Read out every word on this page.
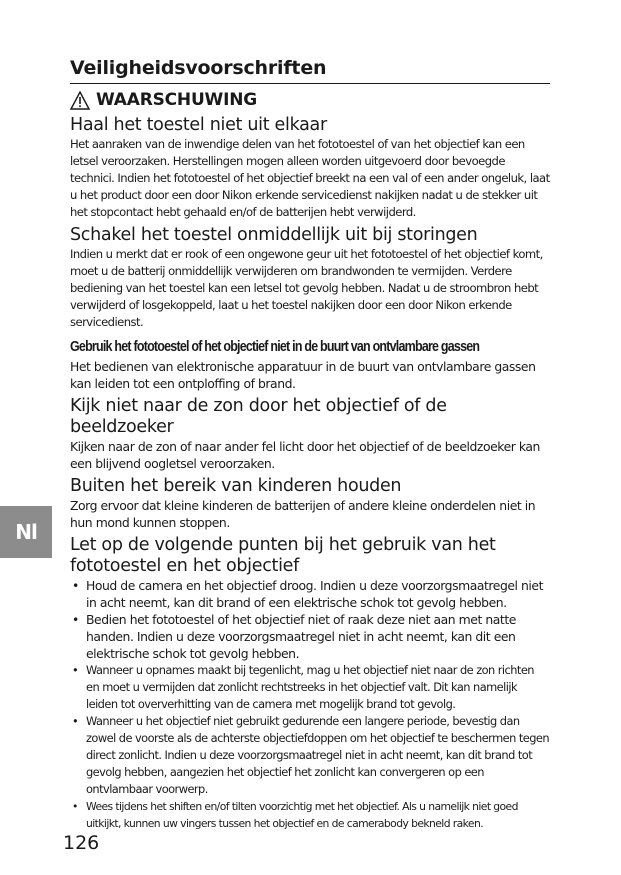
Veiligheidsvoorschriften
WAARSCHUWING
Nl
Haal het toestel niet uit elkaar

Het aanraken van de inwendige delen van het fototoestel of van het objectief kan een letsel veroorzaken. Herstellingen mogen alleen worden uitgevoerd door bevoegde technici. Indien het fototoestel of het objectief breekt na een val of een ander ongeluk, laat u het product door een door Nikon erkende servicedienst nakijken nadat u de stekker uit het stopcontact hebt gehaald en/of de batterijen hebt verwijderd.

Schakel het toestel onmiddellijk uit bij storingen

Indien u merkt dat er rook of een ongewone geur uit het fototoestel of het objectief komt, moet u de batterij onmiddellijk verwijderen om brandwonden te vermijden. Verdere bediening van het toestel kan een letsel tot gevolg hebben. Nadat u de stroombron hebt verwijderd of losgekoppeld, laat u het toestel nakijken door een door Nikon erkende servicedienst.

Gebruik het fototoestel of het objectief niet in de buurt van ontvlambare gassen

Het bedienen van elektronische apparatuur in de buurt van ontvlambare gassen kan leiden tot een ontploffing of brand.

Kijk niet naar de zon door het objectief of de beeldzoeker

Kijken naar de zon of naar ander fel licht door het objectief of de beeldzoeker kan een blijvend oogletsel veroorzaken.

Buiten het bereik van kinderen houden

Zorg ervoor dat kleine kinderen de batterijen of andere kleine onderdelen niet in hun mond kunnen stoppen.

Let op de volgende punten bij het gebruik van het fototoestel en het objectief
• Houd de camera en het objectief droog. Indien u deze voorzorgsmaatregel niet in acht neemt, kan dit brand of een elektrische schok tot gevolg hebben.
• Bedien het fototoestel of het objectief niet of raak deze niet aan met natte handen. Indien u deze voorzorgsmaatregel niet in acht neemt, kan dit een elektrische schok tot gevolg hebben.
• Wanneer u opnames maakt bij tegenlicht, mag u het objectief niet naar de zon richten en moet u vermijden dat zonlicht rechtstreeks in het objectief valt. Dit kan namelijk leiden tot oververhitting van de camera met mogelijk brand tot gevolg.
• Wanneer u het objectief niet gebruikt gedurende een langere periode, bevestig dan zowel de voorste als de achterste objectiefdoppen om het objectief te beschermen tegen direct zonlicht. Indien u deze voorzorgsmaatregel niet in acht neemt, kan dit brand tot gevolg hebben, aangezien het objectief het zonlicht kan convergeren op een ontvlambaar voorwerp.
• Wees tijdens het shiften en/of tilten voorzichtig met het objectief. Als u namelijk niet goed uitkijkt, kunnen uw vingers tussen het objectief en de camerabody bekneld raken.
126
